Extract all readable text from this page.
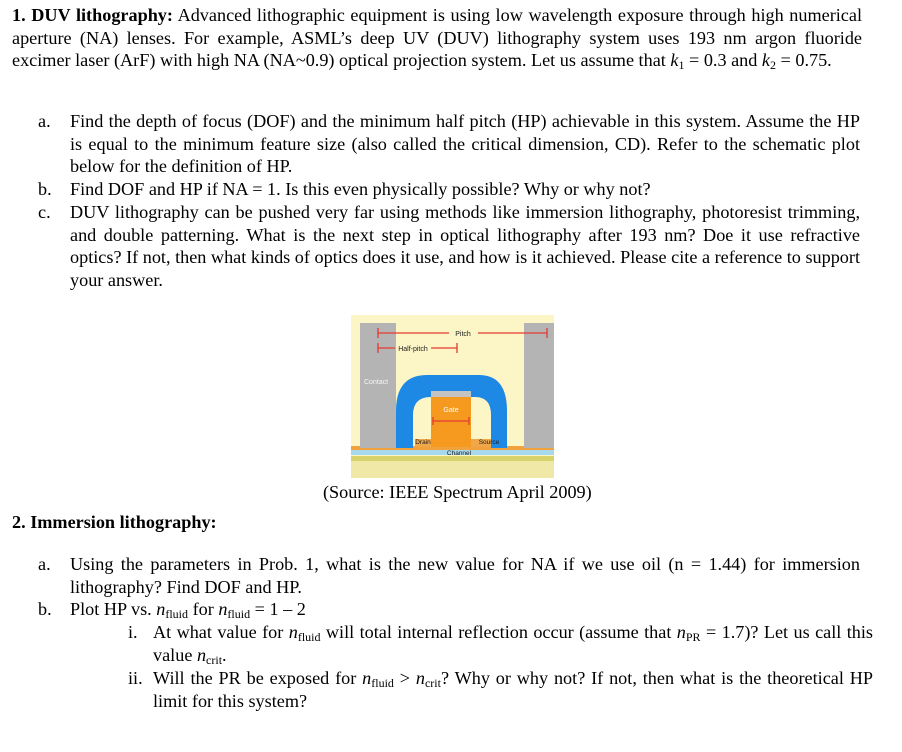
1. DUV lithography: Advanced lithographic equipment is using low wavelength exposure through high numerical aperture (NA) lenses. For example, ASML’s deep UV (DUV) lithography system uses 193 nm argon fluoride excimer laser (ArF) with high NA (NA~0.9) optical projection system. Let us assume that $k_1 = 0.3$ and $k_2 = 0.75$.
a. Find the depth of focus (DOF) and the minimum half pitch (HP) achievable in this system. Assume the HP is equal to the minimum feature size (also called the critical dimension, CD). Refer to the schematic plot below for the definition of HP.
b. Find DOF and HP if NA = 1. Is this even physically possible? Why or why not?
c. DUV lithography can be pushed very far using methods like immersion lithography, photoresist trimming, and double patterning. What is the next step in optical lithography after 193 nm? Doe it use refractive optics? If not, then what kinds of optics does it use, and how is it achieved. Please cite a reference to support your answer.
Pitch
Half-pitch
Contact
Gate
Drain	Source
Channel
(Source: IEEE Spectrum April 2009)
2. Immersion lithography:
a. Using the parameters in Prob. 1, what is the new value for NA if we use oil (n = 1.44) for immersion lithography? Find DOF and HP.
b. Plot HP vs. $n_{fluid}$ for $n_{fluid} = 1 - 2$
i. At what value for $n_{fluid}$ will total internal reflection occur (assume that $n_{PR} = 1.7$)? Let us call this value $n_{crit}$.
ii. Will the PR be exposed for $n_{fluid} > n_{crit}$? Why or why not? If not, then what is the theoretical HP limit for this system?
